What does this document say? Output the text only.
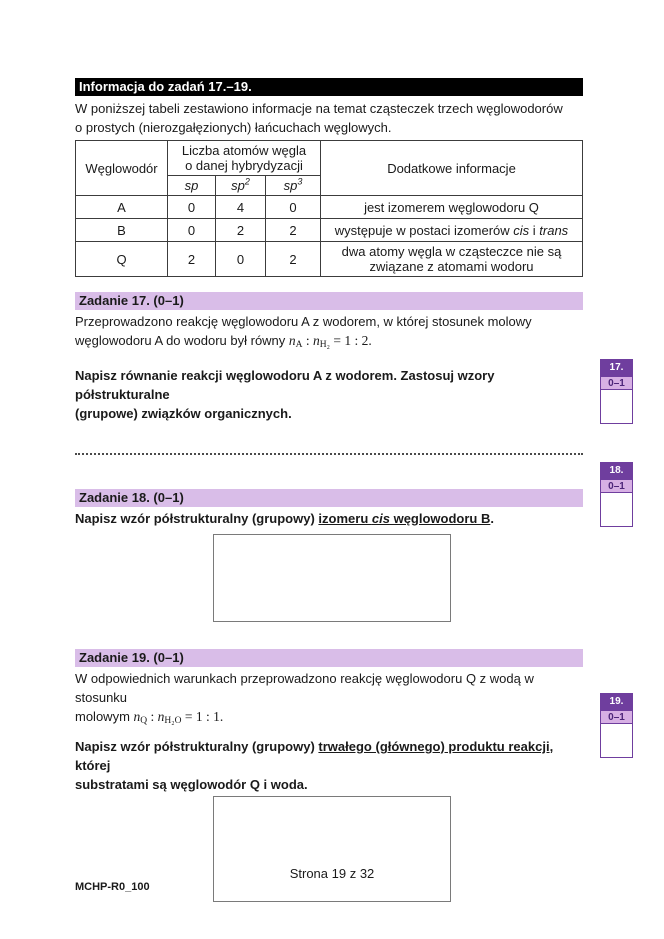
Informacja do zadań 17.–19.
W poniższej tabeli zestawiono informacje na temat cząsteczek trzech węglowodorów
o prostych (nierozgałęzionych) łańcuchach węglowych.
Węglowodór	Liczba atomów węgla
o danej hybrydyzacji			Dodatkowe informacje
	sp	$sp^2$	$sp^3$
A	0	4	0	jest izomerem węglowodoru Q
B	0	2	2	występuje w postaci izomerów cis i trans
Q	2	0	2	dwa atomy węgla w cząsteczce nie są
związane z atomami wodoru
Zadanie 17. (0–1)
Przeprowadzono reakcję węglowodoru A z wodorem, w której stosunek molowy
węglowodoru A do wodoru był równy $n_A$ : $n_{H_2} = 1$ : 2.
Napisz równanie reakcji węglowodoru A z wodorem. Zastosuj wzory półstrukturalne
(grupowe) związków organicznych.
Zadanie 18. (0–1)
Napisz wzór półstrukturalny (grupowy) izomeru cis węglowodoru B.
Zadanie 19. (0–1)
W odpowiednich warunkach przeprowadzono reakcję węglowodoru Q z wodą w stosunku
molowym $n_Q$ : $n_{H_2O} = 1$ : 1.
Napisz wzór półstrukturalny (grupowy) trwałego (głównego) produktu reakcji, której
substratami są węglowodór Q i woda.
17.
0–1
18.
0–1
19.
0–1
Strona 19 z 32
MCHP-R0_100
